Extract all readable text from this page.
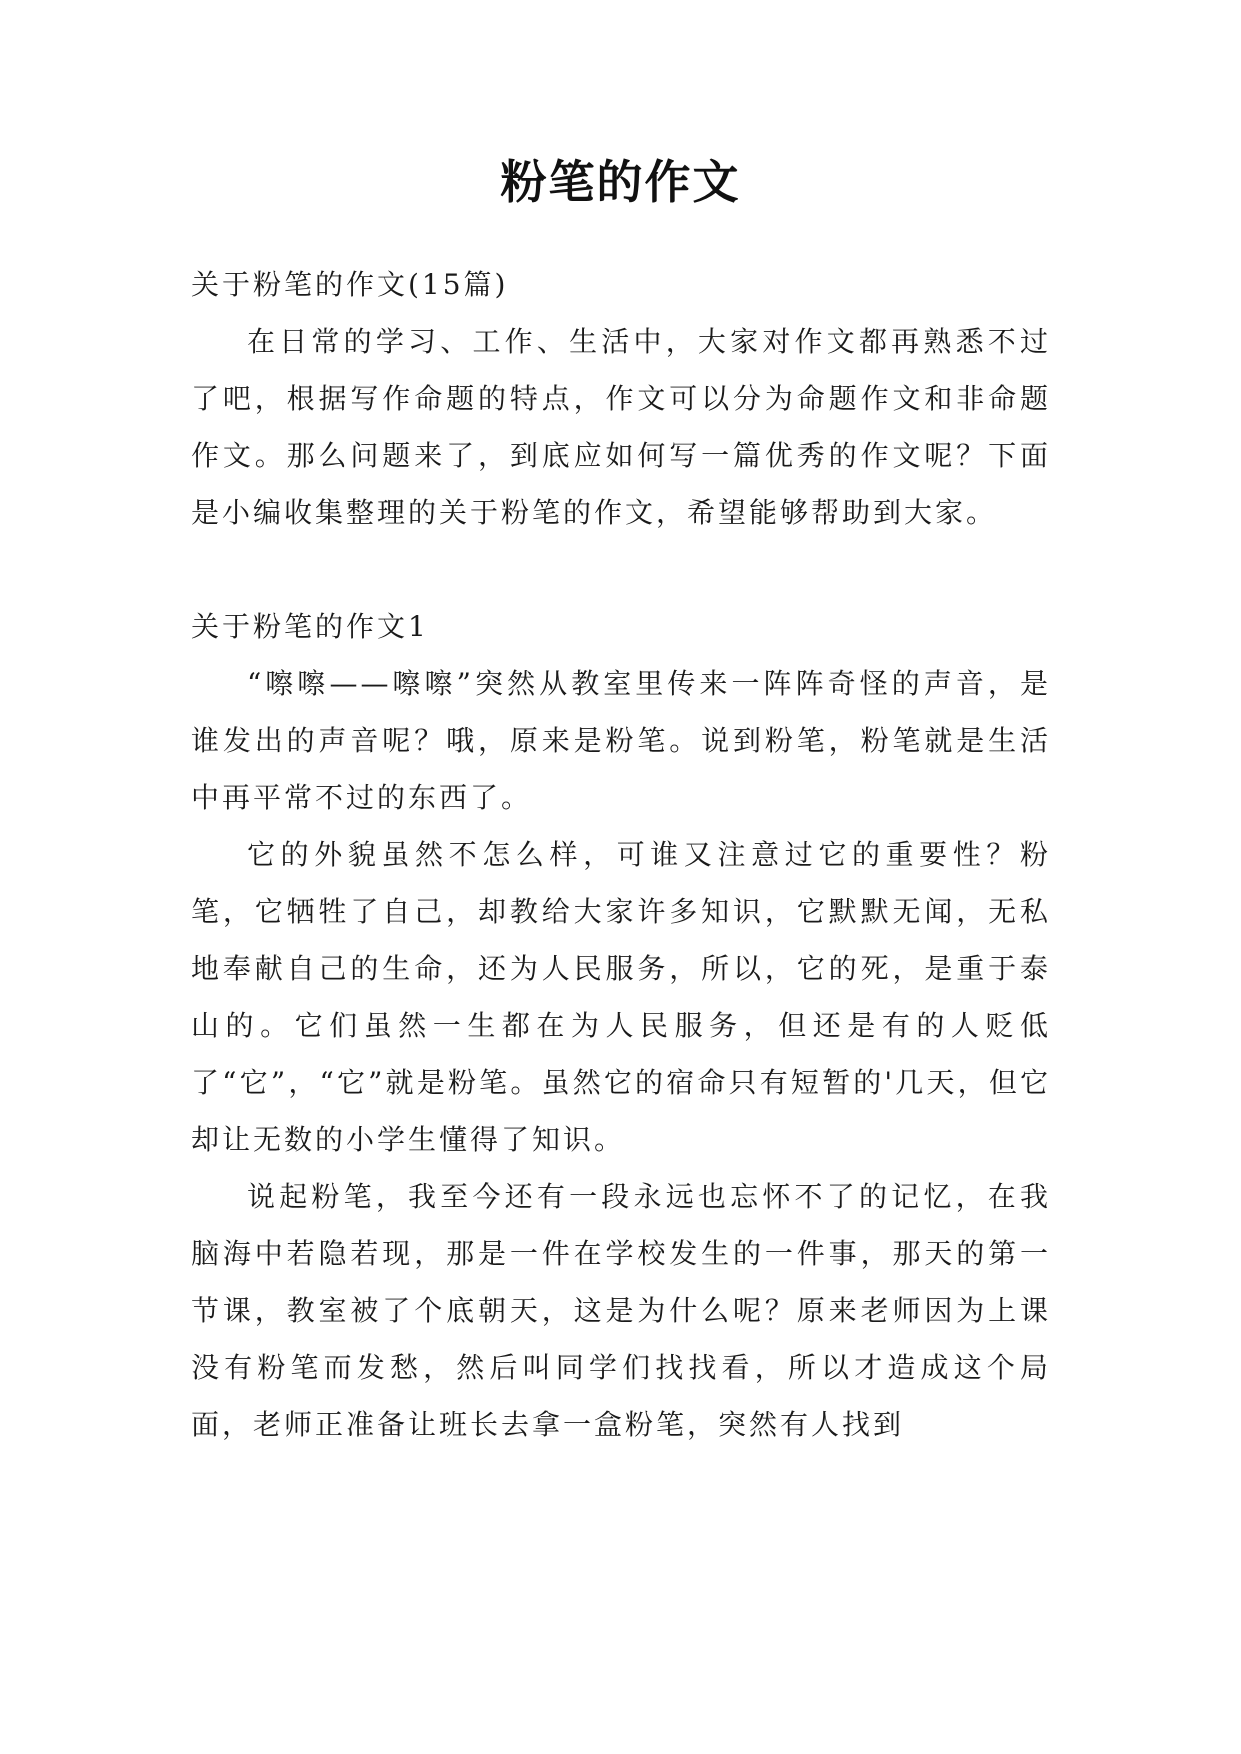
粉笔的作文

关于粉笔的作文(15篇)

在日常的学习、工作、生活中，大家对作文都再熟悉不过了吧，根据写作命题的特点，作文可以分为命题作文和非命题作文。那么问题来了，到底应如何写一篇优秀的作文呢？下面是小编收集整理的关于粉笔的作文，希望能够帮助到大家。

关于粉笔的作文1

“嚓嚓——嚓嚓”突然从教室里传来一阵阵奇怪的声音，是谁发出的声音呢？哦，原来是粉笔。说到粉笔，粉笔就是生活中再平常不过的东西了。

它的外貌虽然不怎么样，可谁又注意过它的重要性？粉笔，它牺牲了自己，却教给大家许多知识，它默默无闻，无私地奉献自己的生命，还为人民服务，所以，它的死，是重于泰山的。它们虽然一生都在为人民服务，但还是有的人贬低了“它”，“它”就是粉笔。虽然它的宿命只有短暂的'几天，但它却让无数的小学生懂得了知识。

说起粉笔，我至今还有一段永远也忘怀不了的记忆，在我脑海中若隐若现，那是一件在学校发生的一件事，那天的第一节课，教室被了个底朝天，这是为什么呢？原来老师因为上课没有粉笔而发愁，然后叫同学们找找看，所以才造成这个局面，老师正准备让班长去拿一盒粉笔，突然有人找到
